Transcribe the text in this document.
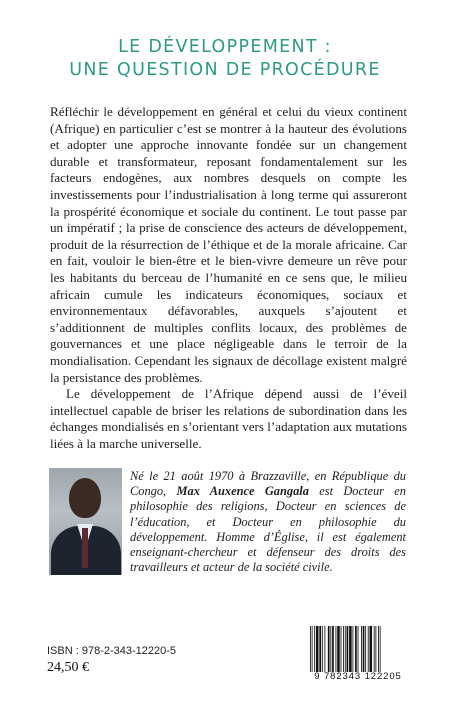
LE DÉVELOPPEMENT :
UNE QUESTION DE PROCÉDURE

Réfléchir le développement en général et celui du vieux continent (Afrique) en particulier c’est se montrer à la hauteur des évolutions et adopter une approche innovante fondée sur un changement durable et transformateur, reposant fondamentalement sur les facteurs endogènes, aux nombres desquels on compte les investissements pour l’industrialisation à long terme qui assureront la prospérité économique et sociale du continent. Le tout passe par un impératif ; la prise de conscience des acteurs de développement, produit de la résurrection de l’éthique et de la morale africaine. Car en fait, vouloir le bien-être et le bien-vivre demeure un rêve pour les habitants du berceau de l’humanité en ce sens que, le milieu africain cumule les indicateurs économiques, sociaux et environnementaux défavorables, auxquels s’ajoutent et s’additionnent de multiples conflits locaux, des problèmes de gouvernances et une place négligeable dans le terroir de la mondialisation. Cependant les signaux de décollage existent malgré la persistance des problèmes.

Le développement de l’Afrique dépend aussi de l’éveil intellectuel capable de briser les relations de subordination dans les échanges mondialisés en s’orientant vers l’adaptation aux mutations liées à la marche universelle.

Né le 21 août 1970 à Brazzaville, en République du Congo, Max Auxence Gangala est Docteur en philosophie des religions, Docteur en sciences de l’éducation, et Docteur en philosophie du développement. Homme d’Église, il est également enseignant-chercheur et défenseur des droits des travailleurs et acteur de la société civile.
ISBN : 978-2-343-12220-5
24,50 €
9 782343 122205
